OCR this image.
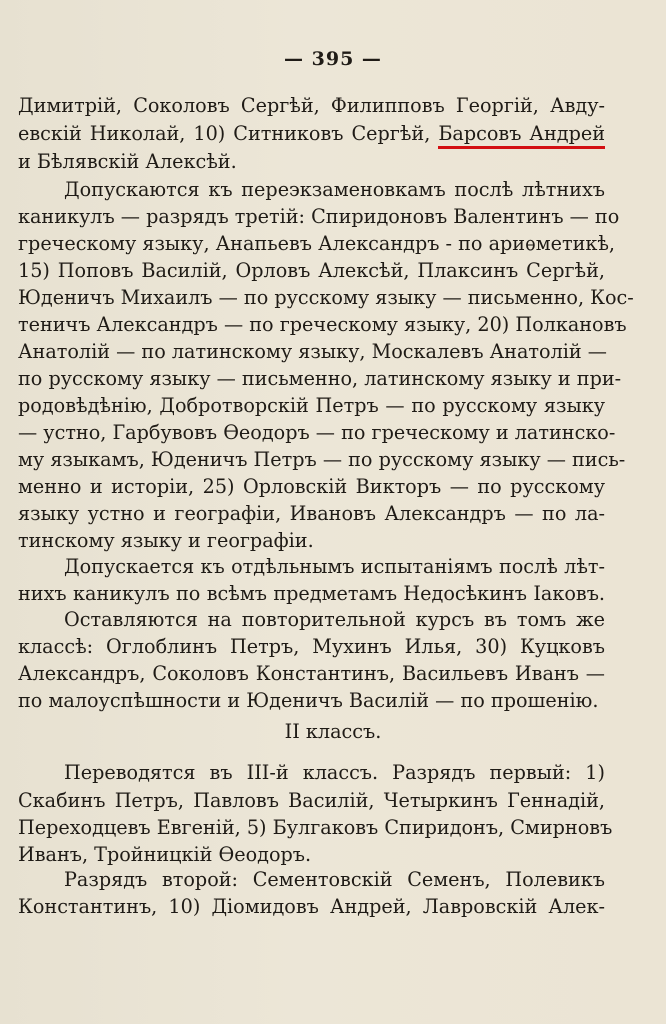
— 395 —
Димитрій, Соколовъ Сергѣй, Филипповъ Георгій, Авду-
евскій Николай, 10) Ситниковъ Сергѣй, Барсовъ Андрей
и Бѣлявскій Алексѣй.
Допускаются къ переэкзаменовкамъ послѣ лѣтнихъ
каникулъ — разрядъ третій: Спиридоновъ Валентинъ — по
греческому языку, Анапьевъ Александръ - по ариѳметикѣ,
15) Поповъ Василій, Орловъ Алексѣй, Плаксинъ Сергѣй,
Юденичъ Михаилъ — по русскому языку — письменно, Кос-
теничъ Александръ — по греческому языку, 20) Полкановъ
Анатолій — по латинскому языку, Москалевъ Анатолій —
по русскому языку — письменно, латинскому языку и при-
родовѣдѣнію, Добротворскій Петръ — по русскому языку
— устно, Гарбувовъ Ѳеодоръ — по греческому и латинско-
му языкамъ, Юденичъ Петръ — по русскому языку — пись-
менно и исторіи, 25) Орловскій Викторъ — по русскому
языку устно и географіи, Ивановъ Александръ — по ла-
тинскому языку и географіи.
Допускается къ отдѣльнымъ испытаніямъ послѣ лѣт-
нихъ каникулъ по всѣмъ предметамъ Недосѣкинъ Іаковъ.
Оставляются на повторительной курсъ въ томъ же
классѣ: Оглоблинъ Петръ, Мухинъ Илья, 30) Куцковъ
Александръ, Соколовъ Константинъ, Васильевъ Иванъ —
по малоуспѣшности и Юденичъ Василій — по прошенію.
II классъ.
Переводятся въ III-й классъ. Разрядъ первый: 1)
Скабинъ Петръ, Павловъ Василій, Четыркинъ Геннадій,
Переходцевъ Евгеній, 5) Булгаковъ Спиридонъ, Смирновъ
Иванъ, Тройницкій Ѳеодоръ.
Разрядъ второй: Сементовскій Семенъ, Полевикъ
Константинъ, 10) Діомидовъ Андрей, Лавровскій Алек-
